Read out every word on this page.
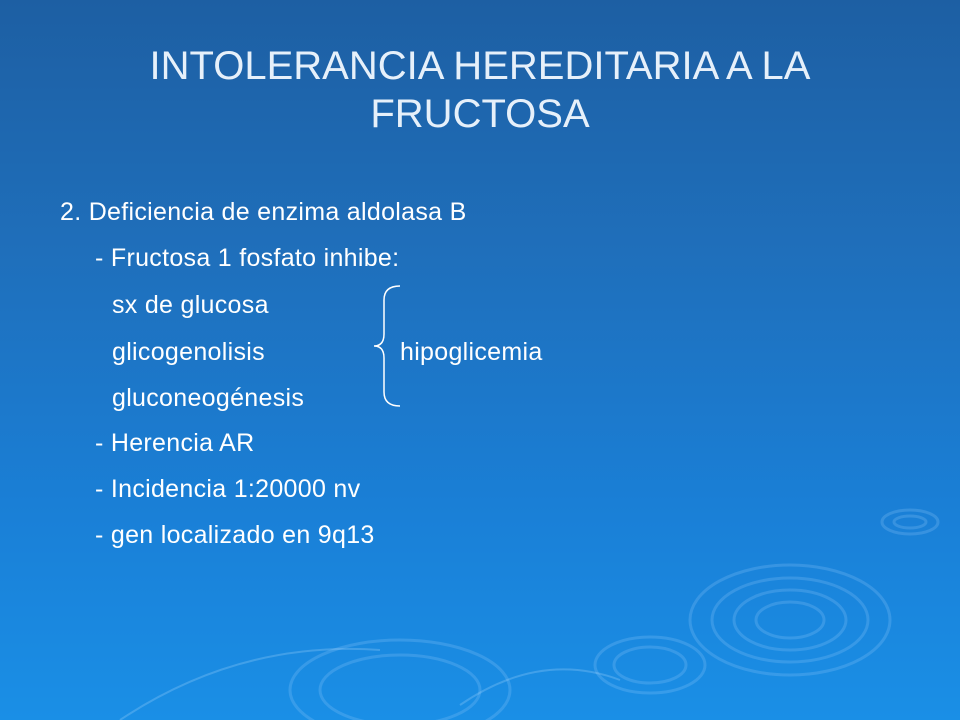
INTOLERANCIA HEREDITARIA A LA FRUCTOSA
2. Deficiencia de enzima aldolasa B
- Fructosa 1 fosfato inhibe:
sx de glucosa
glicogenolisis
gluconeogénesis
hipoglicemia
- Herencia AR
- Incidencia 1:20000 nv
- gen localizado en 9q13
